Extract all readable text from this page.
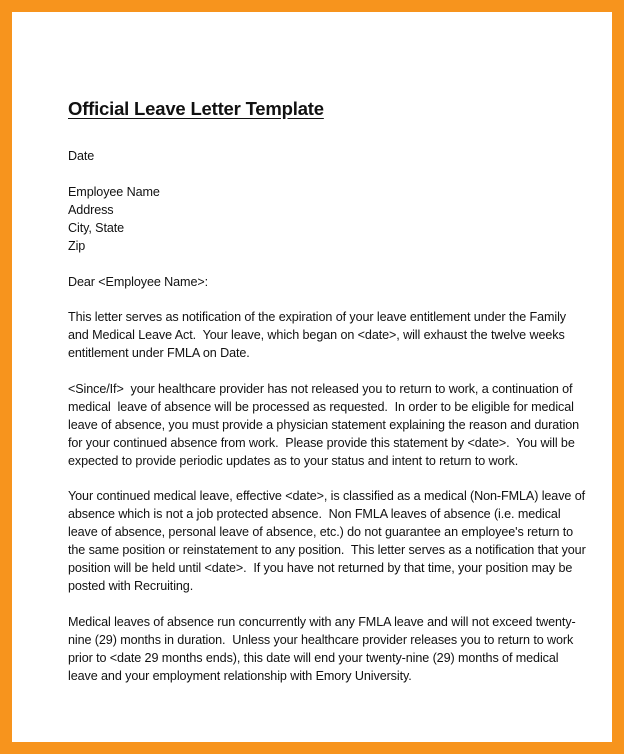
Official Leave Letter Template
Date
Employee Name
Address
City, State
Zip
Dear <Employee Name>:

This letter serves as notification of the expiration of your leave entitlement under the Family and Medical Leave Act.  Your leave, which began on <date>, will exhaust the twelve weeks entitlement under FMLA on Date.

<Since/If>  your healthcare provider has not released you to return to work, a continuation of medical  leave of absence will be processed as requested.  In order to be eligible for medical leave of absence, you must provide a physician statement explaining the reason and duration for your continued absence from work.  Please provide this statement by <date>.  You will be expected to provide periodic updates as to your status and intent to return to work.

Your continued medical leave, effective <date>, is classified as a medical (Non-FMLA) leave of absence which is not a job protected absence.  Non FMLA leaves of absence (i.e. medical leave of absence, personal leave of absence, etc.) do not guarantee an employee's return to the same position or reinstatement to any position.  This letter serves as a notification that your position will be held until <date>.  If you have not returned by that time, your position may be posted with Recruiting.

Medical leaves of absence run concurrently with any FMLA leave and will not exceed twenty-nine (29) months in duration.  Unless your healthcare provider releases you to return to work prior to <date 29 months ends), this date will end your twenty-nine (29) months of medical leave and your employment relationship with Emory University.
